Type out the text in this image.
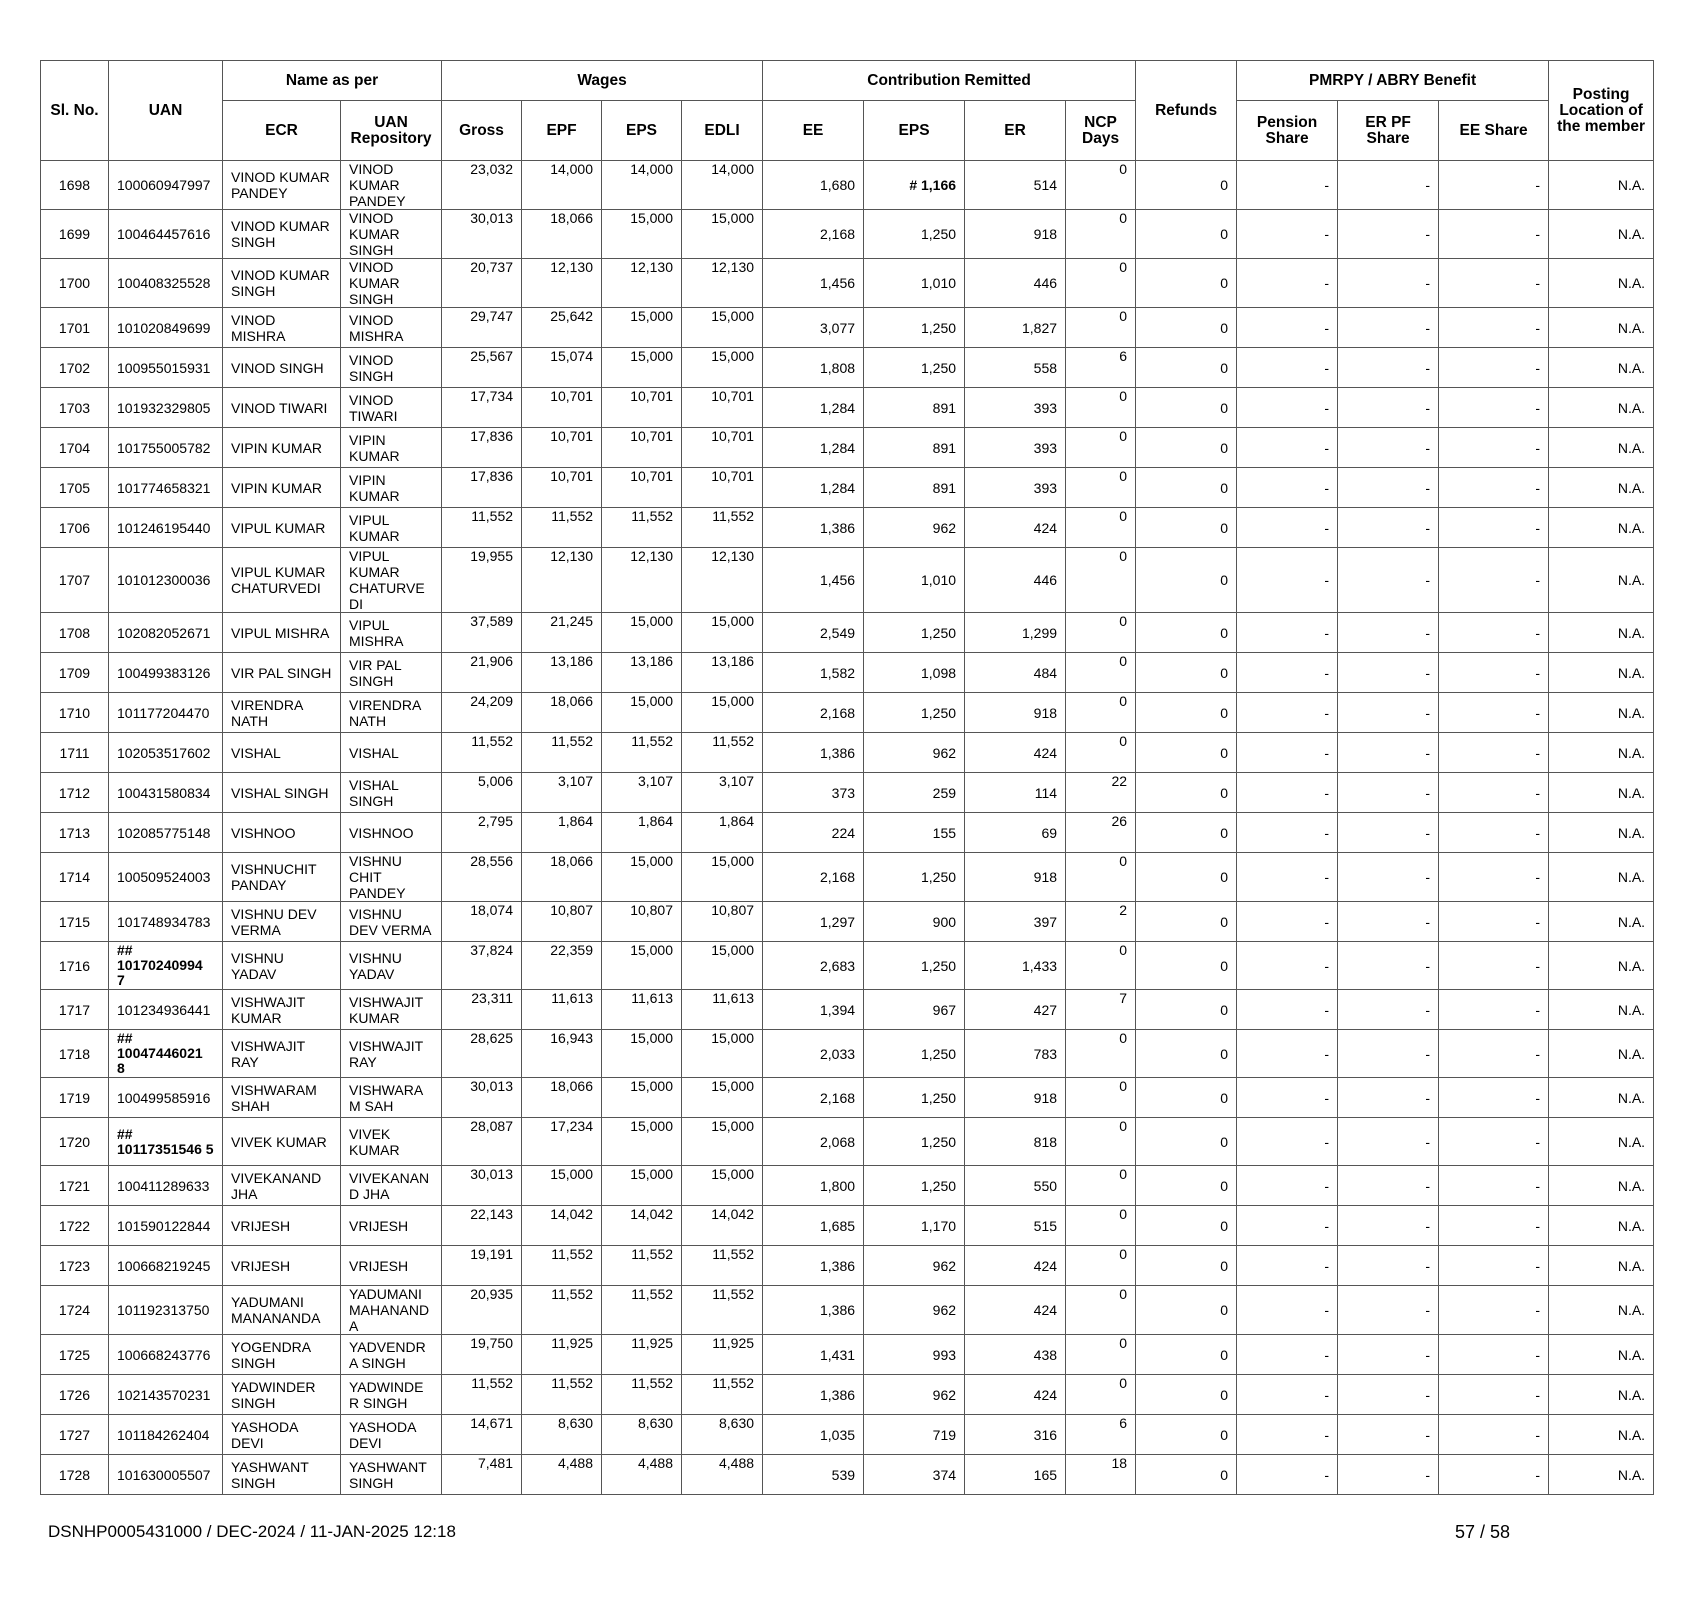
Sl. No.	UAN	Name as per		Wages				Contribution Remitted				Refunds	PMRPY / ABRY Benefit			Posting Location of the member
		ECR	UAN Repository	Gross	EPF	EPS	EDLI	EE	EPS	ER	NCP Days		Pension Share	ER PF Share	EE Share	
1698	100060947997	VINOD KUMAR PANDEY	VINOD KUMAR PANDEY	23,032	14,000	14,000	14,000	1,680	# 1,166	514	0	0	-	-	-	N.A.
1699	100464457616	VINOD KUMAR SINGH	VINOD KUMAR SINGH	30,013	18,066	15,000	15,000	2,168	1,250	918	0	0	-	-	-	N.A.
1700	100408325528	VINOD KUMAR SINGH	VINOD KUMAR SINGH	20,737	12,130	12,130	12,130	1,456	1,010	446	0	0	-	-	-	N.A.
1701	101020849699	VINOD MISHRA	VINOD MISHRA	29,747	25,642	15,000	15,000	3,077	1,250	1,827	0	0	-	-	-	N.A.
1702	100955015931	VINOD SINGH	VINOD SINGH	25,567	15,074	15,000	15,000	1,808	1,250	558	6	0	-	-	-	N.A.
1703	101932329805	VINOD TIWARI	VINOD TIWARI	17,734	10,701	10,701	10,701	1,284	891	393	0	0	-	-	-	N.A.
1704	101755005782	VIPIN KUMAR	VIPIN KUMAR	17,836	10,701	10,701	10,701	1,284	891	393	0	0	-	-	-	N.A.
1705	101774658321	VIPIN KUMAR	VIPIN KUMAR	17,836	10,701	10,701	10,701	1,284	891	393	0	0	-	-	-	N.A.
1706	101246195440	VIPUL KUMAR	VIPUL KUMAR	11,552	11,552	11,552	11,552	1,386	962	424	0	0	-	-	-	N.A.
1707	101012300036	VIPUL KUMAR CHATURVEDI	VIPUL KUMAR CHATURVEDI	19,955	12,130	12,130	12,130	1,456	1,010	446	0	0	-	-	-	N.A.
1708	102082052671	VIPUL MISHRA	VIPUL MISHRA	37,589	21,245	15,000	15,000	2,549	1,250	1,299	0	0	-	-	-	N.A.
1709	100499383126	VIR PAL SINGH	VIR PAL SINGH	21,906	13,186	13,186	13,186	1,582	1,098	484	0	0	-	-	-	N.A.
1710	101177204470	VIRENDRA NATH	VIRENDRA NATH	24,209	18,066	15,000	15,000	2,168	1,250	918	0	0	-	-	-	N.A.
1711	102053517602	VISHAL	VISHAL	11,552	11,552	11,552	11,552	1,386	962	424	0	0	-	-	-	N.A.
1712	100431580834	VISHAL SINGH	VISHAL SINGH	5,006	3,107	3,107	3,107	373	259	114	22	0	-	-	-	N.A.
1713	102085775148	VISHNOO	VISHNOO	2,795	1,864	1,864	1,864	224	155	69	26	0	-	-	-	N.A.
1714	100509524003	VISHNUCHIT PANDAY	VISHNU CHIT PANDEY	28,556	18,066	15,000	15,000	2,168	1,250	918	0	0	-	-	-	N.A.
1715	101748934783	VISHNU DEV VERMA	VISHNU DEV VERMA	18,074	10,807	10,807	10,807	1,297	900	397	2	0	-	-	-	N.A.
1716	## 10170240994 7	VISHNU YADAV	VISHNU YADAV	37,824	22,359	15,000	15,000	2,683	1,250	1,433	0	0	-	-	-	N.A.
1717	101234936441	VISHWAJIT KUMAR	VISHWAJIT KUMAR	23,311	11,613	11,613	11,613	1,394	967	427	7	0	-	-	-	N.A.
1718	## 10047446021 8	VISHWAJIT RAY	VISHWAJIT RAY	28,625	16,943	15,000	15,000	2,033	1,250	783	0	0	-	-	-	N.A.
1719	100499585916	VISHWARAM SHAH	VISHWARAM SAH	30,013	18,066	15,000	15,000	2,168	1,250	918	0	0	-	-	-	N.A.
1720	## 10117351546 5	VIVEK KUMAR	VIVEK KUMAR	28,087	17,234	15,000	15,000	2,068	1,250	818	0	0	-	-	-	N.A.
1721	100411289633	VIVEKANAND JHA	VIVEKANAND JHA	30,013	15,000	15,000	15,000	1,800	1,250	550	0	0	-	-	-	N.A.
1722	101590122844	VRIJESH	VRIJESH	22,143	14,042	14,042	14,042	1,685	1,170	515	0	0	-	-	-	N.A.
1723	100668219245	VRIJESH	VRIJESH	19,191	11,552	11,552	11,552	1,386	962	424	0	0	-	-	-	N.A.
1724	101192313750	YADUMANI MANANANDA	YADUMANI MAHANANDA	20,935	11,552	11,552	11,552	1,386	962	424	0	0	-	-	-	N.A.
1725	100668243776	YOGENDRA SINGH	YADVENDRA SINGH	19,750	11,925	11,925	11,925	1,431	993	438	0	0	-	-	-	N.A.
1726	102143570231	YADWINDER SINGH	YADWINDER SINGH	11,552	11,552	11,552	11,552	1,386	962	424	0	0	-	-	-	N.A.
1727	101184262404	YASHODA DEVI	YASHODA DEVI	14,671	8,630	8,630	8,630	1,035	719	316	6	0	-	-	-	N.A.
1728	101630005507	YASHWANT SINGH	YASHWANT SINGH	7,481	4,488	4,488	4,488	539	374	165	18	0	-	-	-	N.A.
DSNHP0005431000 / DEC-2024 / 11-JAN-2025 12:18	57 / 58
